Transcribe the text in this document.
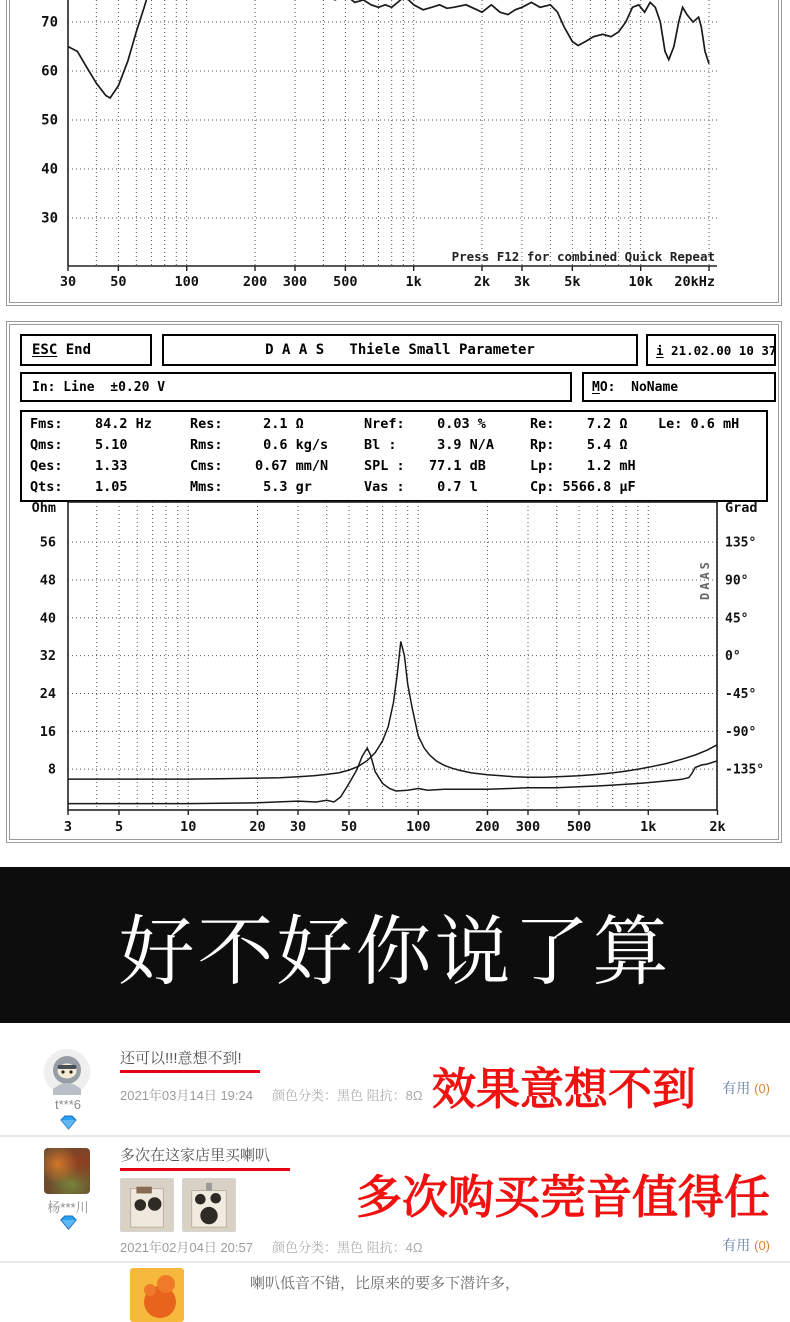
70
60
50
40
30
30	50	100	200 300 500	1k	2k 3k	5k	10k 20kHz
Press F12 for combined Quick Repeat
ESC End	D A A S   Thiele Small Parameter	i 21.02.00 10 37
In: Line  ±0.20 V	M O: NoName
Fms:    84.2 Hz	Res:     2.1 Ω	Nref:    0.03 %	Re:    7.2 Ω	Le: 0.6 mH
Qms:    5.10	Rms:     0.6 kg/s	Bl :     3.9 N/A	Rp:    5.4 Ω
Qes:    1.33	Cms:    0.67 mm/N	SPL :   77.1 dB	Lp:    1.2 mH
Qts:    1.05	Mms:     5.3 gr	Vas :    0.7 l	Cp: 5566.8 µF
56	135°
48	90°
40	45°
32	0°
24	-45°
16	-90°
8	-135°
Ohm	Grad
DAAS
3	5	10	20 30	50	100	200 300 500	1k	2k
好不好你说了算
t***6
还可以!!!意想不到!
2021年03月14日 19:24 颜色分类：黑色 阻抗：8Ω 效果意想不到 有用 (0)
杨***川
多次在这家店里买喇叭
多次购买莞音值得任
2021年02月04日 20:57 颜色分类：黑色 阻抗：4Ω	有用 (0)
喇叭低音不错，比原来的要多下潜许多，
